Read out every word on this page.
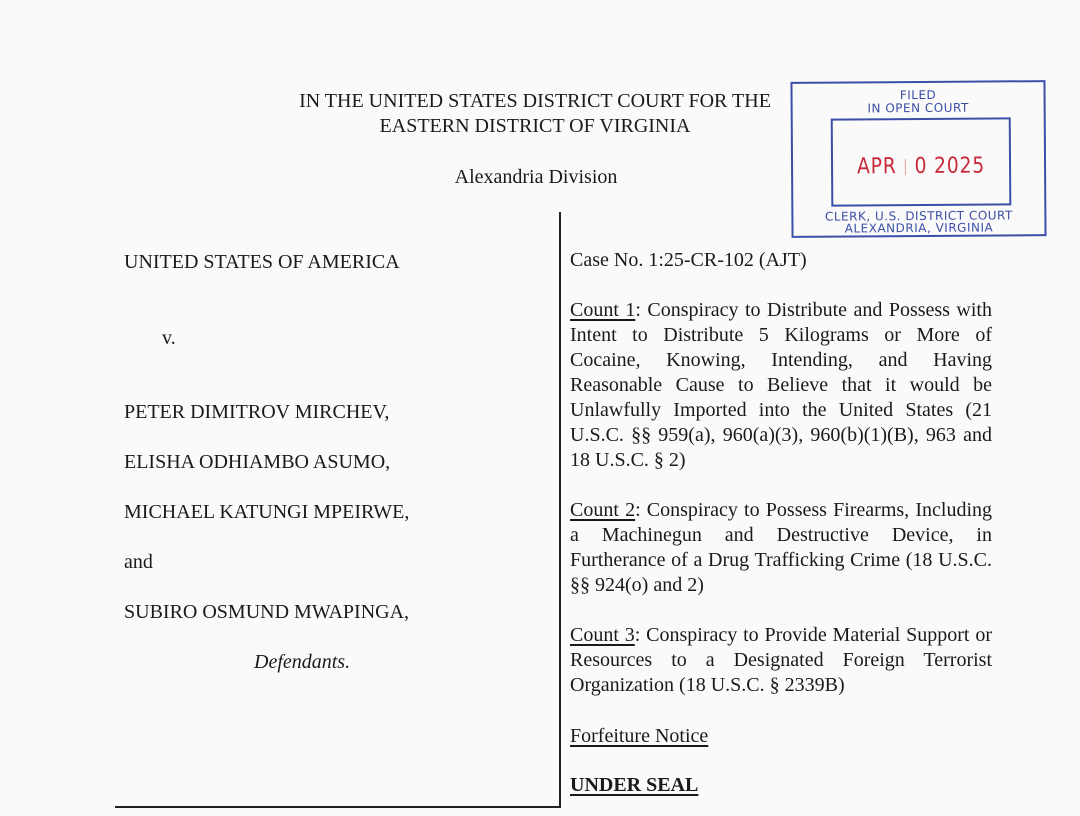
IN THE UNITED STATES DISTRICT COURT FOR THE
EASTERN DISTRICT OF VIRGINIA
Alexandria Division
FILED
IN OPEN COURT
APR 0 2025
CLERK, U.S. DISTRICT COURT
ALEXANDRIA, VIRGINIA
UNITED STATES OF AMERICA
v.
PETER DIMITROV MIRCHEV,
ELISHA ODHIAMBO ASUMO,
MICHAEL KATUNGI MPEIRWE,
and
SUBIRO OSMUND MWAPINGA,
Defendants.
Case No. 1:25-CR-102 (AJT)

Count 1: Conspiracy to Distribute and Possess with Intent to Distribute 5 Kilograms or More of Cocaine, Knowing, Intending, and Having Reasonable Cause to Believe that it would be Unlawfully Imported into the United States (21 U.S.C. §§ 959(a), 960(a)(3), 960(b)(1)(B), 963 and 18 U.S.C. § 2)

Count 2: Conspiracy to Possess Firearms, Including a Machinegun and Destructive Device, in Furtherance of a Drug Trafficking Crime (18 U.S.C. §§ 924(o) and 2)

Count 3: Conspiracy to Provide Material Support or Resources to a Designated Foreign Terrorist Organization (18 U.S.C. § 2339B)

Forfeiture Notice
UNDER SEAL
